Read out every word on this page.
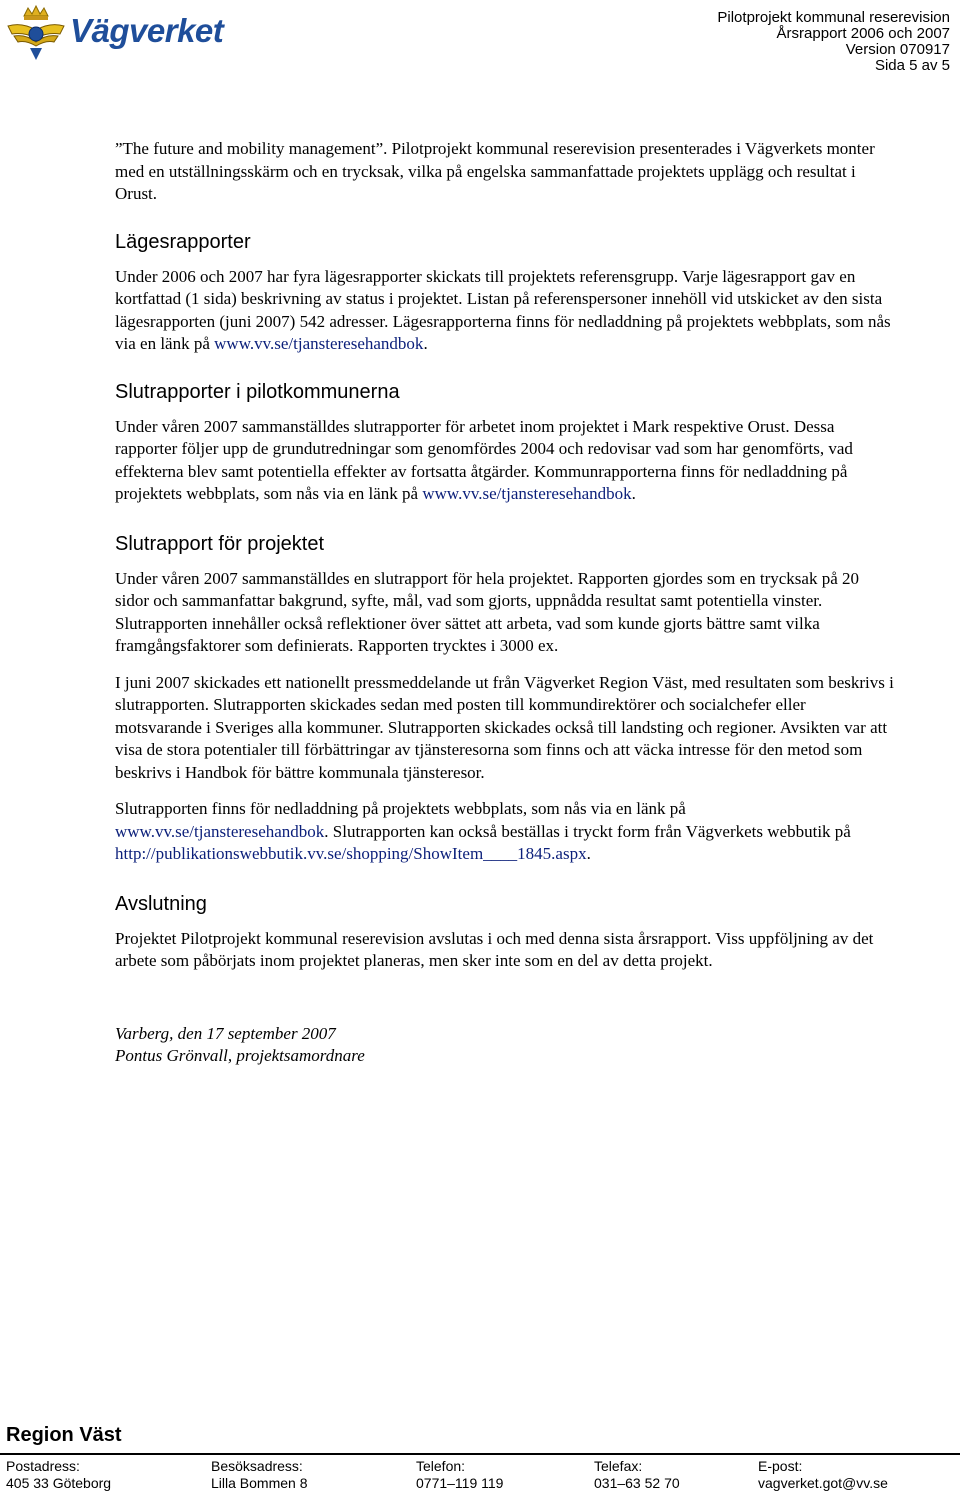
Vägverket	Pilotprojekt kommunal reserevision
Årsrapport 2006 och 2007
Version 070917
Sida 5 av 5

”The future and mobility management”. Pilotprojekt kommunal reserevision presenterades i Vägverkets monter med en utställningsskärm och en trycksak, vilka på engelska sammanfattade projektets upplägg och resultat i Orust.

Lägesrapporter

Under 2006 och 2007 har fyra lägesrapporter skickats till projektets referensgrupp. Varje lägesrapport gav en kortfattad (1 sida) beskrivning av status i projektet. Listan på referenspersoner innehöll vid utskicket av den sista lägesrapporten (juni 2007) 542 adresser. Lägesrapporterna finns för nedladdning på projektets webbplats, som nås via en länk på www.vv.se/tjansteresehandbok.

Slutrapporter i pilotkommunerna

Under våren 2007 sammanställdes slutrapporter för arbetet inom projektet i Mark respektive Orust. Dessa rapporter följer upp de grundutredningar som genomfördes 2004 och redovisar vad som har genomförts, vad effekterna blev samt potentiella effekter av fortsatta åtgärder. Kommunrapporterna finns för nedladdning på projektets webbplats, som nås via en länk på www.vv.se/tjansteresehandbok.

Slutrapport för projektet

Under våren 2007 sammanställdes en slutrapport för hela projektet. Rapporten gjordes som en trycksak på 20 sidor och sammanfattar bakgrund, syfte, mål, vad som gjorts, uppnådda resultat samt potentiella vinster. Slutrapporten innehåller också reflektioner över sättet att arbeta, vad som kunde gjorts bättre samt vilka framgångsfaktorer som definierats. Rapporten trycktes i 3000 ex.

I juni 2007 skickades ett nationellt pressmeddelande ut från Vägverket Region Väst, med resultaten som beskrivs i slutrapporten. Slutrapporten skickades sedan med posten till kommundirektörer och socialchefer eller motsvarande i Sveriges alla kommuner. Slutrapporten skickades också till landsting och regioner. Avsikten var att visa de stora potentialer till förbättringar av tjänsteresorna som finns och att väcka intresse för den metod som beskrivs i Handbok för bättre kommunala tjänsteresor.

Slutrapporten finns för nedladdning på projektets webbplats, som nås via en länk på
www.vv.se/tjansteresehandbok. Slutrapporten kan också beställas i tryckt form från Vägverkets webbutik på http://publikationswebbutik.vv.se/shopping/ShowItem____1845.aspx.

Avslutning

Projektet Pilotprojekt kommunal reserevision avslutas i och med denna sista årsrapport. Viss uppföljning av det arbete som påbörjats inom projektet planeras, men sker inte som en del av detta projekt.

Varberg, den 17 september 2007

Pontus Grönvall, projektsamordnare

Region Väst
Postadress:
405 33 Göteborg
Besöksadress:
Lilla Bommen 8
Telefon:
0771–119 119
Telefax:
031–63 52 70
E-post:
vagverket.got@vv.se
